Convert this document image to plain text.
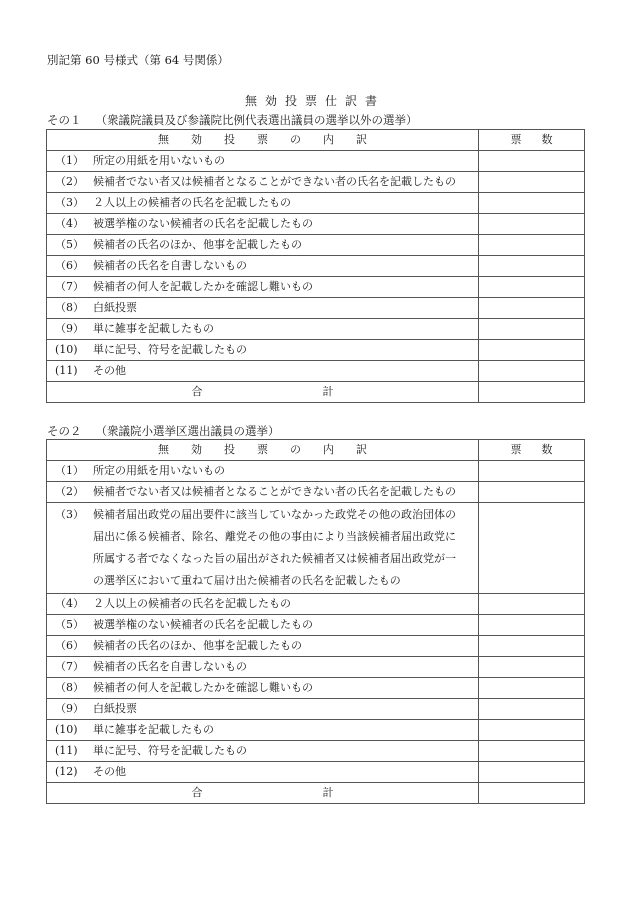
別記第 60 号様式（第 64 号関係）
無効投票仕訳書
その１ （衆議院議員及び参議院比例代表選出議員の選挙以外の選挙）
無効投票の内訳	票数
（1） 所定の用紙を用いないもの	
（2） 候補者でない者又は候補者となることができない者の氏名を記載したもの	
（3） ２人以上の候補者の氏名を記載したもの	
（4） 被選挙権のない候補者の氏名を記載したもの	
（5） 候補者の氏名のほか、他事を記載したもの	
（6） 候補者の氏名を自書しないもの	
（7） 候補者の何人を記載したかを確認し難いもの	
（8） 白紙投票	
（9） 単に雑事を記載したもの	
(10) 単に記号、符号を記載したもの	
(11) その他	
合 計	
その２ （衆議院小選挙区選出議員の選挙）
無効投票の内訳	票数
（1） 所定の用紙を用いないもの	
（2） 候補者でない者又は候補者となることができない者の氏名を記載したもの	

（3） 候補者届出政党の届出要件に該当していなかった政党その他の政治団体の
届出に係る候補者、除名、離党その他の事由により当該候補者届出政党に
所属する者でなくなった旨の届出がされた候補者又は候補者届出政党が一
の選挙区において重ねて届け出た候補者の氏名を記載したもの	

（4） ２人以上の候補者の氏名を記載したもの	
（5） 被選挙権のない候補者の氏名を記載したもの	
（6） 候補者の氏名のほか、他事を記載したもの	
（7） 候補者の氏名を自書しないもの	
（8） 候補者の何人を記載したかを確認し難いもの	
（9） 白紙投票	
(10) 単に雑事を記載したもの	
(11) 単に記号、符号を記載したもの	
(12) その他	
合 計	
